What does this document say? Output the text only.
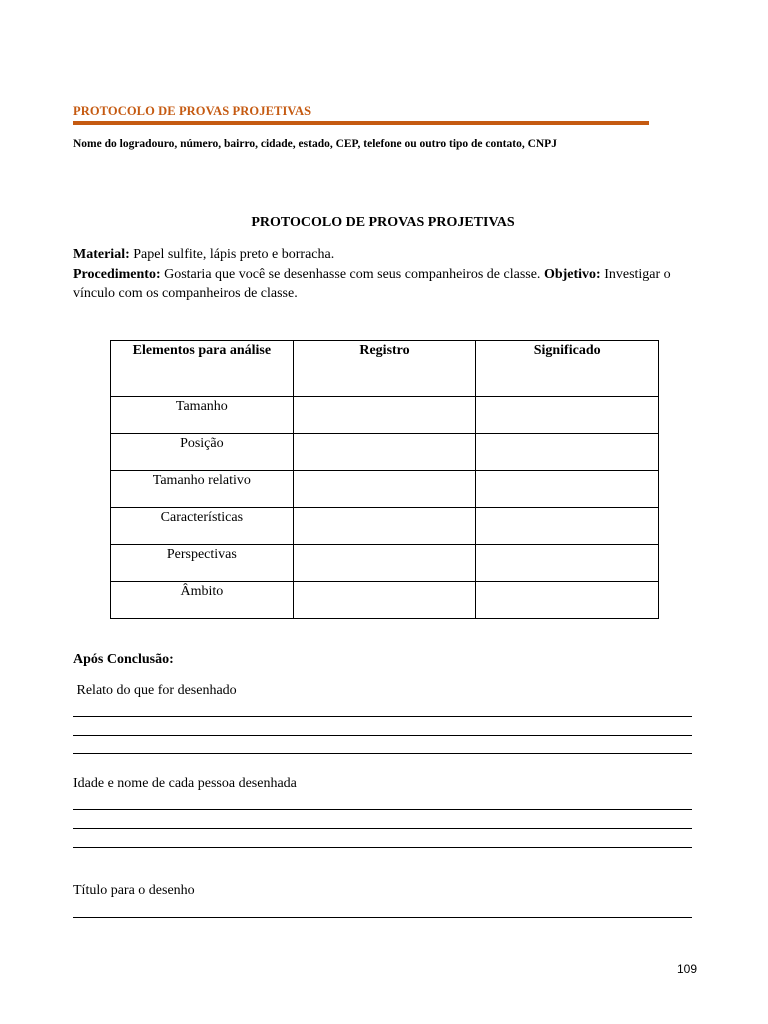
PROTOCOLO DE PROVAS PROJETIVAS
Nome do logradouro, número, bairro, cidade, estado, CEP, telefone ou outro tipo de contato, CNPJ
PROTOCOLO DE PROVAS PROJETIVAS

Material: Papel sulfite, lápis preto e borracha.

Procedimento: Gostaria que você se desenhasse com seus companheiros de classe. Objetivo: Investigar o vínculo com os companheiros de classe.

Elementos para análise	Registro	Significado
Tamanho		
Posição		
Tamanho relativo		
Características		
Perspectivas		
Âmbito		
Após Conclusão:
Relato do que for desenhado
Idade e nome de cada pessoa desenhada
Título para o desenho
109
